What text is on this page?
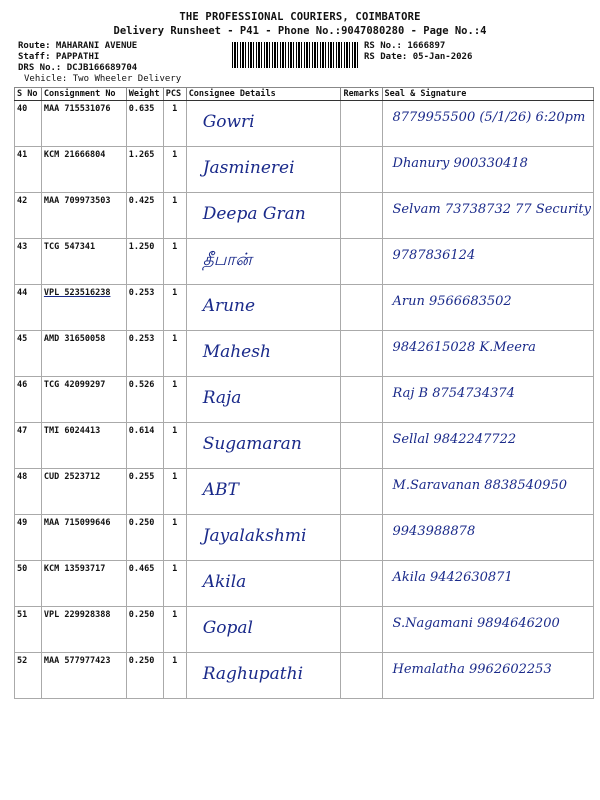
THE PROFESSIONAL COURIERS, COIMBATORE
Delivery Runsheet - P41 - Phone No.:9047080280 - Page No.:4
Route: MAHARANI AVENUE
Staff: PAPPATHI
DRS No.: DCJB166689704
Vehicle: Two Wheeler Delivery
RS No.: 1666897
RS Date: 05-Jan-2026
S No	Consignment No	Weight	PCS	Consignee Details	Remarks	Seal & Signature
40	MAA 715531076	0.635	1	Gowri		8779955500 (5/1/26) 6:20pm

41	KCM 21666804	1.265	1	Jasminerei		Dhanury 900330418

42	MAA 709973503	0.425	1	Deepa Gran		Selvam 73738732 77 Security

43	TCG 547341	1.250	1	தீபான்		9787836124

44	VPL 523516238	0.253	1	Arune		Arun 9566683502

45	AMD 31650058	0.253	1	Mahesh		9842615028 K.Meera

46	TCG 42099297	0.526	1	Raja		Raj B 8754734374

47	TMI 6024413	0.614	1	Sugamaran		Sellal 9842247722

48	CUD 2523712	0.255	1	ABT		M.Saravanan 8838540950

49	MAA 715099646	0.250	1	Jayalakshmi		9943988878

50	KCM 13593717	0.465	1	Akila		Akila 9442630871

51	VPL 229928388	0.250	1	Gopal		S.Nagamani 9894646200

52	MAA 577977423	0.250	1	Raghupathi		Hemalatha 9962602253
